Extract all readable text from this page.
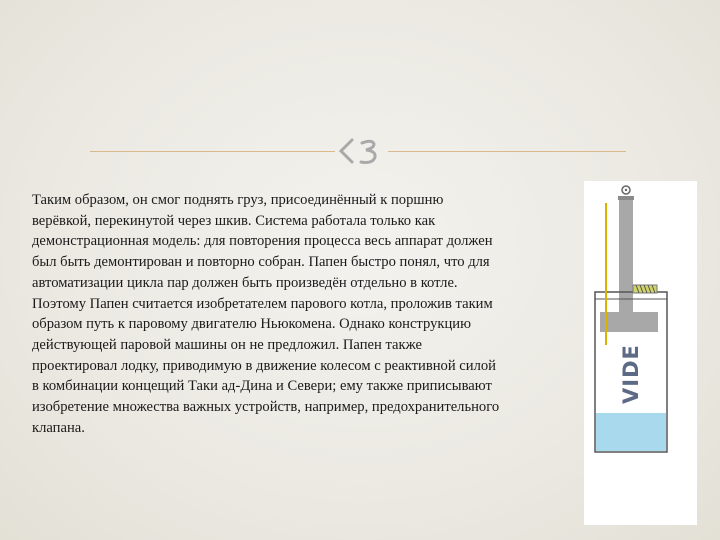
Таким образом, он смог поднять груз, присоединённый к поршню верёвкой, перекинутой через шкив. Система работала только как демонстрационная модель: для повторения процесса весь аппарат должен был быть демонтирован и повторно собран. Папен быстро понял, что для автоматизации цикла пар должен быть произведён отдельно в котле. Поэтому Папен считается изобретателем парового котла, проложив таким образом путь к паровому двигателю Ньюкомена. Однако конструкцию действующей паровой машины он не предложил. Папен также проектировал лодку, приводимую в движение колесом с реактивной силой в комбинации концещий Таки ад-Дина и Севери; ему также приписывают изобретение множества важных устройств, например, предохранительного клапана.

VIDE
